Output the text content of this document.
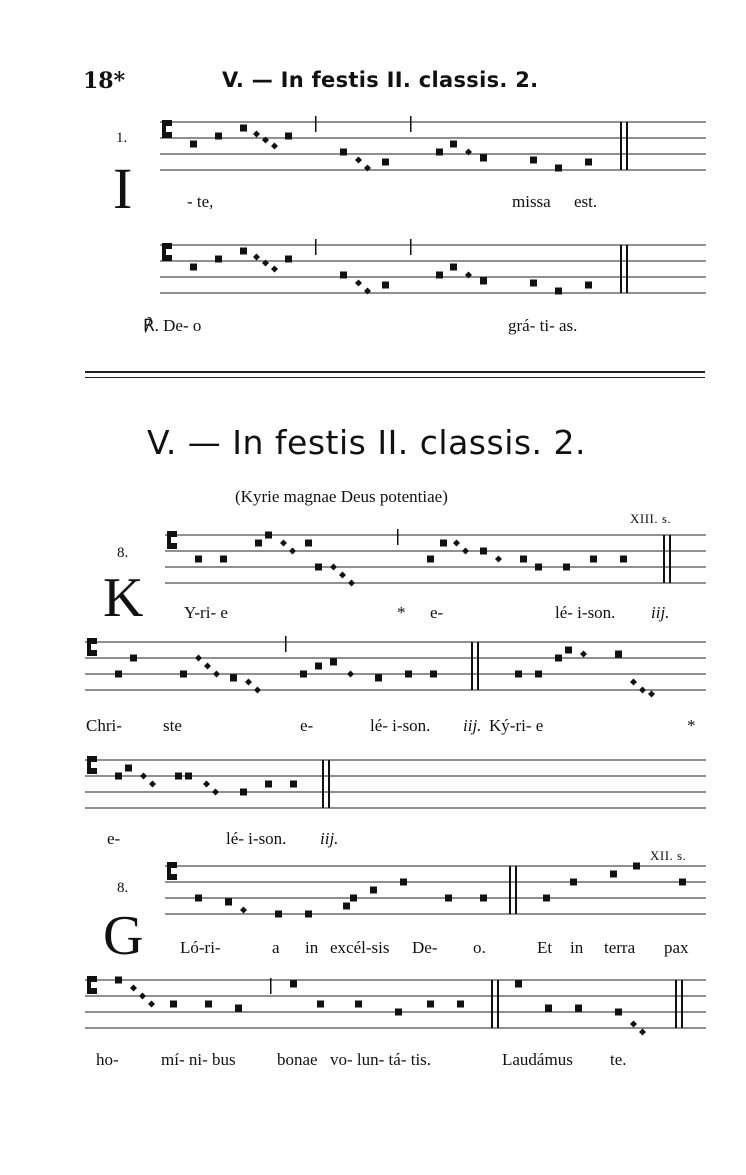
18*	V. — In festis II. classis. 2.
1.
I	- te,	missa est.
℟. De- o	grá- ti- as.
V. — In festis II. classis. 2.
(Kyrie magnae Deus potentiae)
XIII. s.
8.
K Y-ri- e	* e-	lé- i-son. iij.
Chri- ste	e-	lé- i-son. iij. Ký-ri- e	*
e-	lé- i-son. iij.
XII. s.
8.
G Ló-ri-	a in excél-sis De- o.	Et in terra pax
ho- mí- ni- bus bonae vo- lun- tá- tis.	Laudámus te.
